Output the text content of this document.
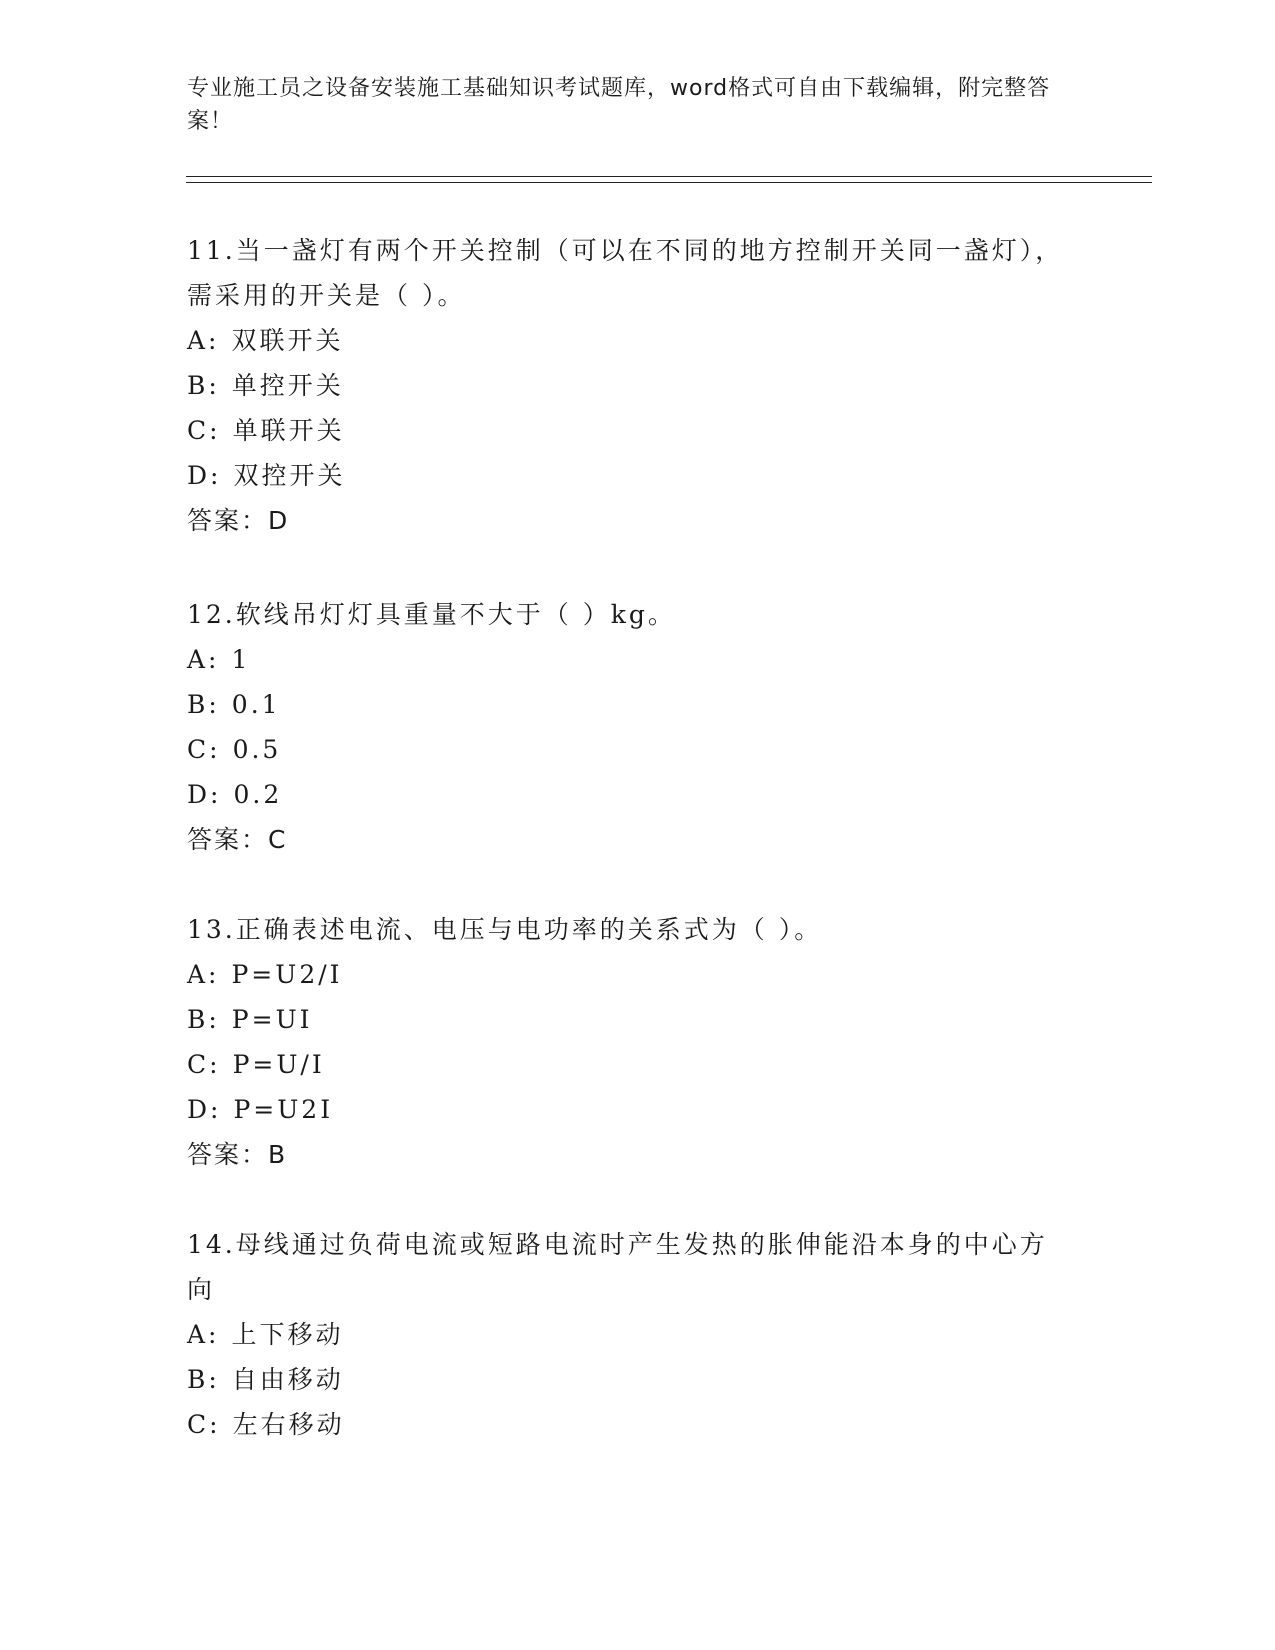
专业施工员之设备安装施工基础知识考试题库，word格式可自由下载编辑，附完整答案！
11.当一盏灯有两个开关控制（可以在不同的地方控制开关同一盏灯），需采用的开关是（ ）。
A: 双联开关
B: 单控开关
C: 单联开关
D: 双控开关
答案：D
12.软线吊灯灯具重量不大于（ ）kg。
A: 1
B: 0.1
C: 0.5
D: 0.2
答案：C
13.正确表述电流、电压与电功率的关系式为（ ）。
A: P=U2/I
B: P=UI
C: P=U/I
D: P=U2I
答案：B
14.母线通过负荷电流或短路电流时产生发热的胀伸能沿本身的中心方向
A: 上下移动
B: 自由移动
C: 左右移动
